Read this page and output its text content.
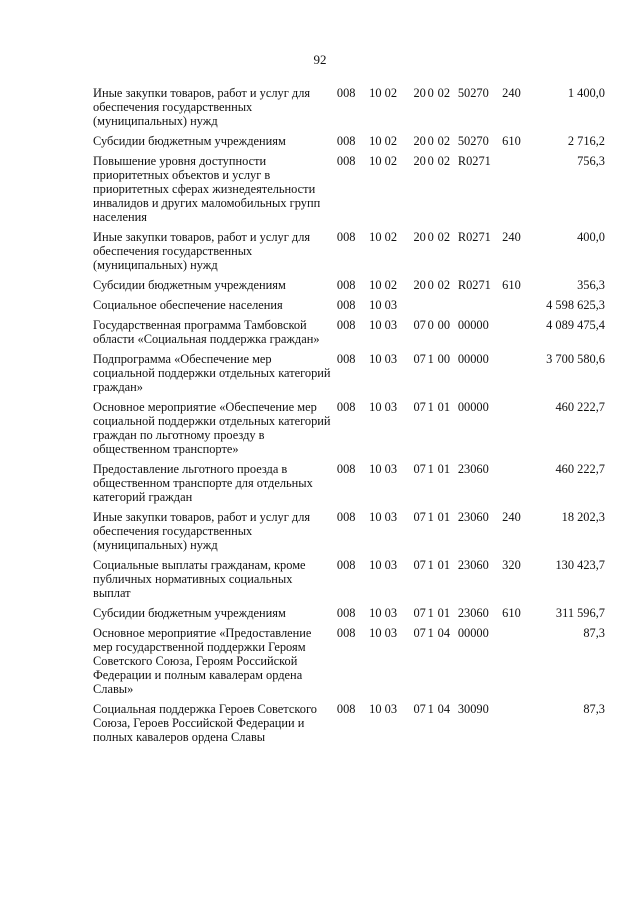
92
Иные закупки товаров, работ и услуг для обеспечения государственных (муниципальных) нужд	008	10 02	20	0	02	50270	240	1 400,0
Субсидии бюджетным учреждениям	008	10 02	20	0	02	50270	610	2 716,2
Повышение уровня доступности приоритетных объектов и услуг в приоритетных сферах жизнедеятельности инвалидов и других маломобильных групп населения	008	10 02	20	0	02	R0271		756,3
Иные закупки товаров, работ и услуг для обеспечения государственных (муниципальных) нужд	008	10 02	20	0	02	R0271	240	400,0
Субсидии бюджетным учреждениям	008	10 02	20	0	02	R0271	610	356,3
Социальное обеспечение населения	008	10 03						4 598 625,3
Государственная программа Тамбовской области «Социальная поддержка граждан»	008	10 03	07	0	00	00000		4 089 475,4
Подпрограмма «Обеспечение мер социальной поддержки отдельных категорий граждан»	008	10 03	07	1	00	00000		3 700 580,6
Основное мероприятие «Обеспечение мер социальной поддержки отдельных категорий граждан по льготному проезду в общественном транспорте»	008	10 03	07	1	01	00000		460 222,7
Предоставление льготного проезда в общественном транспорте для отдельных категорий граждан	008	10 03	07	1	01	23060		460 222,7
Иные закупки товаров, работ и услуг для обеспечения государственных (муниципальных) нужд	008	10 03	07	1	01	23060	240	18 202,3
Социальные выплаты гражданам, кроме публичных нормативных социальных выплат	008	10 03	07	1	01	23060	320	130 423,7
Субсидии бюджетным учреждениям	008	10 03	07	1	01	23060	610	311 596,7
Основное мероприятие «Предоставление мер государственной поддержки Героям Советского Союза, Героям Российской Федерации и полным кавалерам ордена Славы»	008	10 03	07	1	04	00000		87,3
Социальная поддержка Героев Советского Союза, Героев Российской Федерации и полных кавалеров ордена Славы	008	10 03	07	1	04	30090		87,3
